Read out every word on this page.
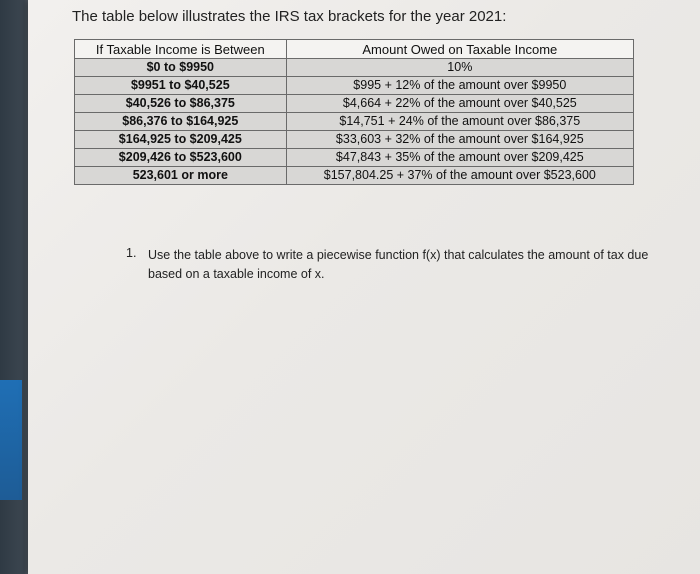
The table below illustrates the IRS tax brackets for the year 2021:
If Taxable Income is Between	Amount Owed on Taxable Income
$0 to $9950	10%
$9951 to $40,525	$995 + 12% of the amount over $9950
$40,526 to $86,375	$4,664 + 22% of the amount over $40,525
$86,376 to $164,925	$14,751 + 24% of the amount over $86,375
$164,925 to $209,425	$33,603 + 32% of the amount over $164,925
$209,426 to $523,600	$47,843 + 35% of the amount over $209,425
523,601 or more	$157,804.25 + 37% of the amount over $523,600
1. Use the table above to write a piecewise function f(x) that calculates the amount of tax due based on a taxable income of x.
